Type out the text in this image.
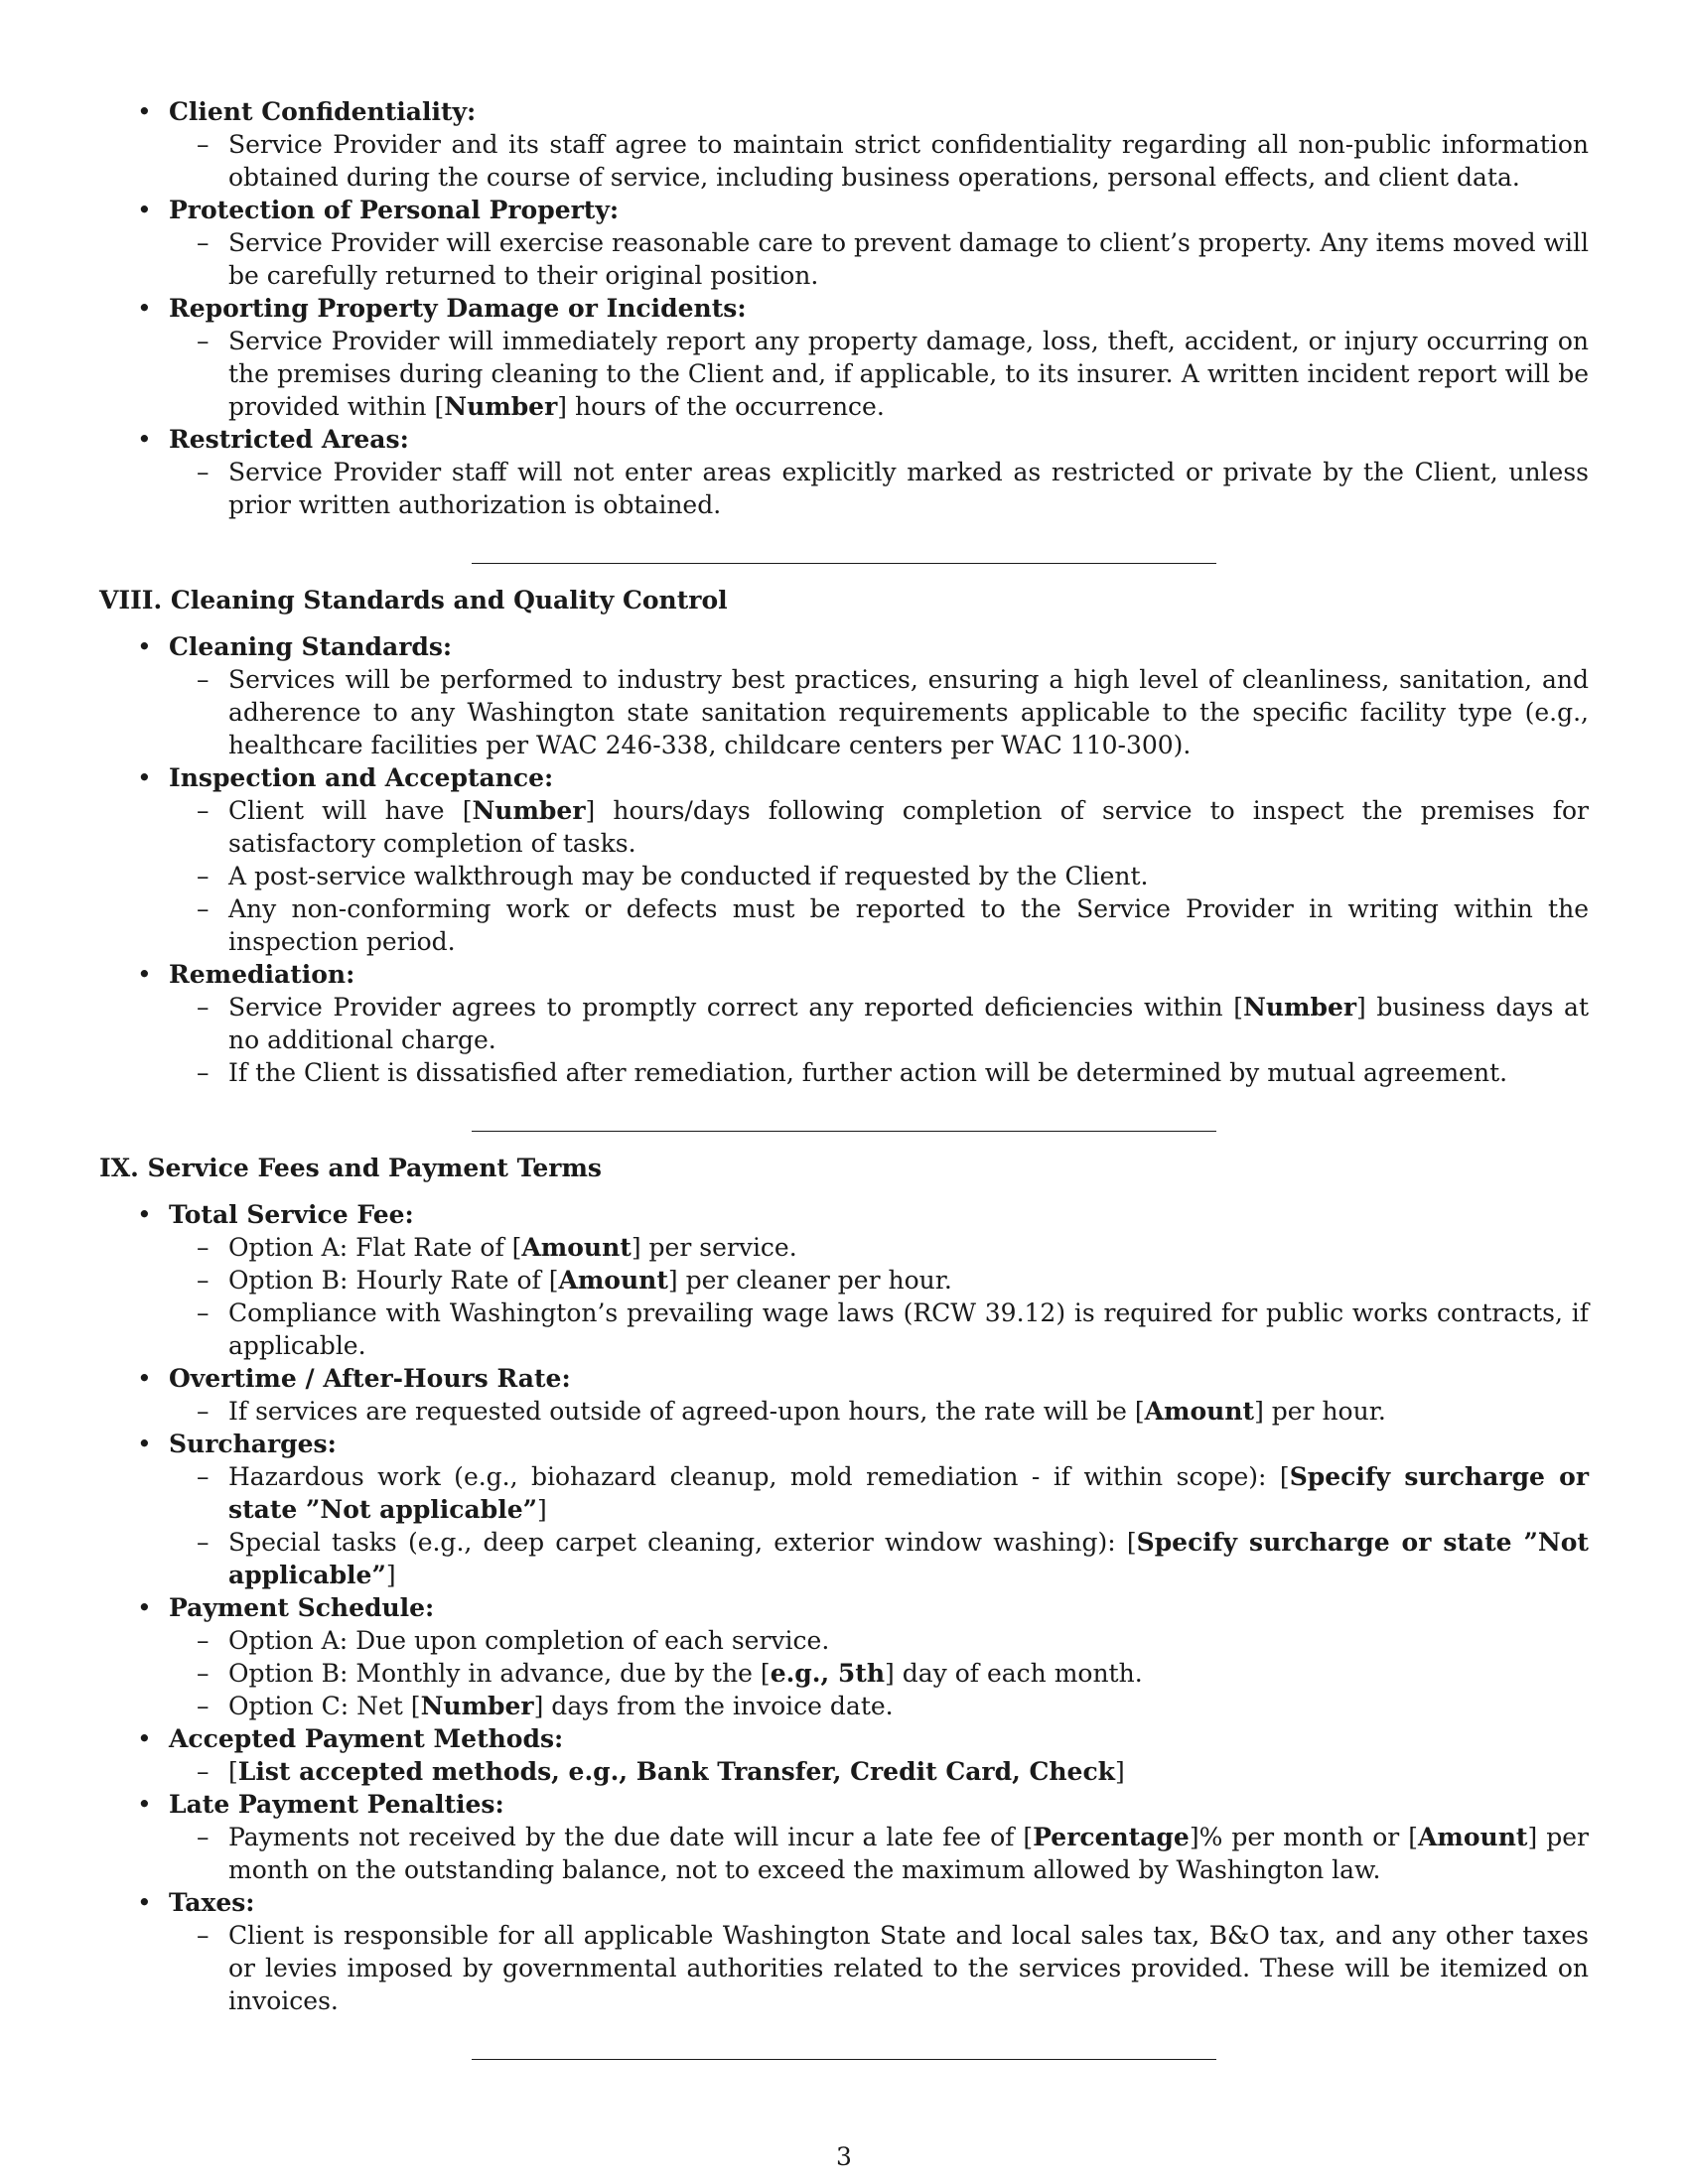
• Client Confidentiality:
– Service Provider and its staff agree to maintain strict confidentiality regarding all non-public information obtained during the course of service, including business operations, personal effects, and client data.
• Protection of Personal Property:
– Service Provider will exercise reasonable care to prevent damage to client’s property. Any items moved will be carefully returned to their original position.
• Reporting Property Damage or Incidents:
– Service Provider will immediately report any property damage, loss, theft, accident, or injury occurring on the premises during cleaning to the Client and, if applicable, to its insurer. A written incident report will be provided within [Number] hours of the occurrence.
• Restricted Areas:
– Service Provider staff will not enter areas explicitly marked as restricted or private by the Client, unless prior written authorization is obtained.
VIII. Cleaning Standards and Quality Control
• Cleaning Standards:
– Services will be performed to industry best practices, ensuring a high level of cleanliness, sanitation, and adherence to any Washington state sanitation requirements applicable to the specific facility type (e.g., healthcare facilities per WAC 246-338, childcare centers per WAC 110-300).
• Inspection and Acceptance:
– Client will have [Number] hours/days following completion of service to inspect the premises for satisfactory completion of tasks.
– A post-service walkthrough may be conducted if requested by the Client.
– Any non-conforming work or defects must be reported to the Service Provider in writing within the inspection period.
• Remediation:
– Service Provider agrees to promptly correct any reported deficiencies within [Number] business days at no additional charge.
– If the Client is dissatisfied after remediation, further action will be determined by mutual agreement.
IX. Service Fees and Payment Terms
• Total Service Fee:
– Option A: Flat Rate of [Amount] per service.
– Option B: Hourly Rate of [Amount] per cleaner per hour.
– Compliance with Washington’s prevailing wage laws (RCW 39.12) is required for public works contracts, if applicable.
• Overtime / After-Hours Rate:
– If services are requested outside of agreed-upon hours, the rate will be [Amount] per hour.
• Surcharges:
– Hazardous work (e.g., biohazard cleanup, mold remediation - if within scope): [Specify surcharge or state ”Not applicable”]
– Special tasks (e.g., deep carpet cleaning, exterior window washing): [Specify surcharge or state ”Not applicable”]
• Payment Schedule:
– Option A: Due upon completion of each service.
– Option B: Monthly in advance, due by the [e.g., 5th] day of each month.
– Option C: Net [Number] days from the invoice date.
• Accepted Payment Methods:
– [List accepted methods, e.g., Bank Transfer, Credit Card, Check]
• Late Payment Penalties:
– Payments not received by the due date will incur a late fee of [Percentage]% per month or [Amount] per month on the outstanding balance, not to exceed the maximum allowed by Washington law.
• Taxes:
– Client is responsible for all applicable Washington State and local sales tax, B&O tax, and any other taxes or levies imposed by governmental authorities related to the services provided. These will be itemized on invoices.
3
